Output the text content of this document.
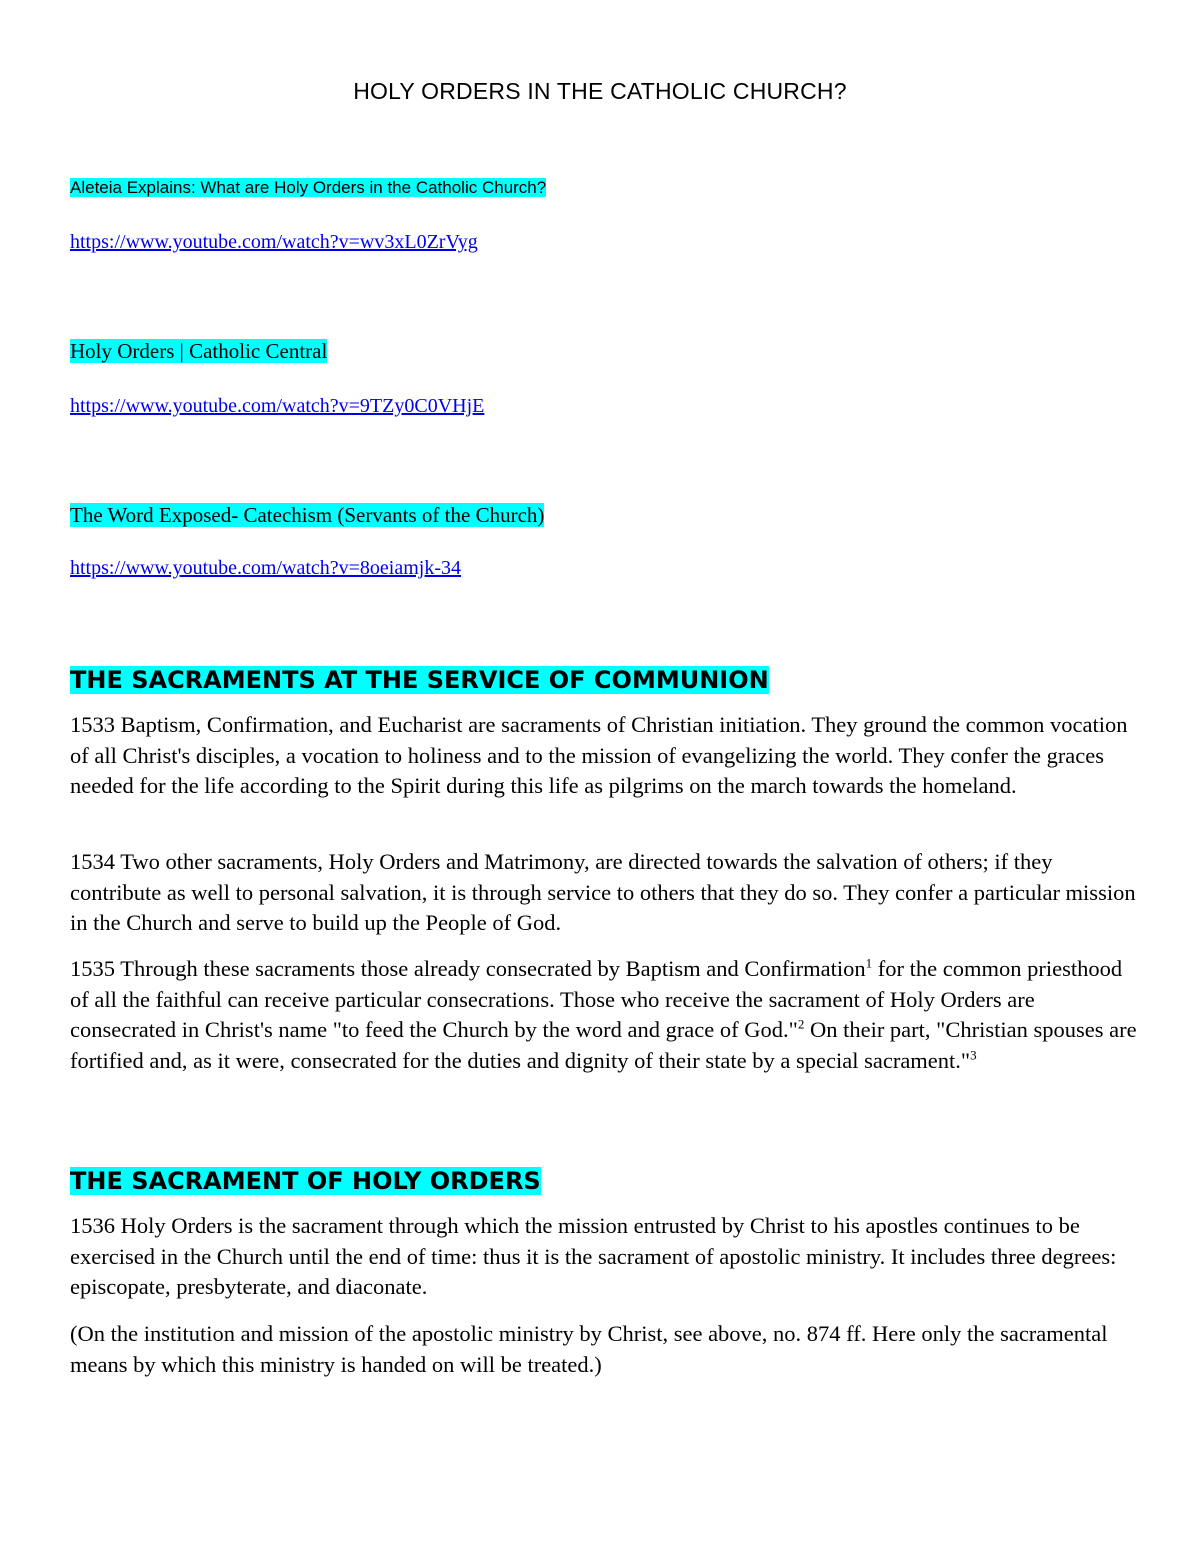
HOLY ORDERS IN THE CATHOLIC CHURCH?
Aleteia Explains: What are Holy Orders in the Catholic Church?
https://www.youtube.com/watch?v=wv3xL0ZrVyg
Holy Orders | Catholic Central
https://www.youtube.com/watch?v=9TZy0C0VHjE
The Word Exposed- Catechism (Servants of the Church)
https://www.youtube.com/watch?v=8oeiamjk-34
THE SACRAMENTS AT THE SERVICE OF COMMUNION

1533 Baptism, Confirmation, and Eucharist are sacraments of Christian initiation. They ground the common vocation of all Christ's disciples, a vocation to holiness and to the mission of evangelizing the world. They confer the graces needed for the life according to the Spirit during this life as pilgrims on the march towards the homeland.

1534 Two other sacraments, Holy Orders and Matrimony, are directed towards the salvation of others; if they contribute as well to personal salvation, it is through service to others that they do so. They confer a particular mission in the Church and serve to build up the People of God.

1535 Through these sacraments those already consecrated by Baptism and Confirmation$^1$ for the common priesthood of all the faithful can receive particular consecrations. Those who receive the sacrament of Holy Orders are consecrated in Christ's name "to feed the Church by the word and grace of God."$^2$ On their part, "Christian spouses are fortified and, as it were, consecrated for the duties and dignity of their state by a special sacrament."$^3$

THE SACRAMENT OF HOLY ORDERS

1536 Holy Orders is the sacrament through which the mission entrusted by Christ to his apostles continues to be exercised in the Church until the end of time: thus it is the sacrament of apostolic ministry. It includes three degrees: episcopate, presbyterate, and diaconate.

(On the institution and mission of the apostolic ministry by Christ, see above, no. 874 ff. Here only the sacramental means by which this ministry is handed on will be treated.)
